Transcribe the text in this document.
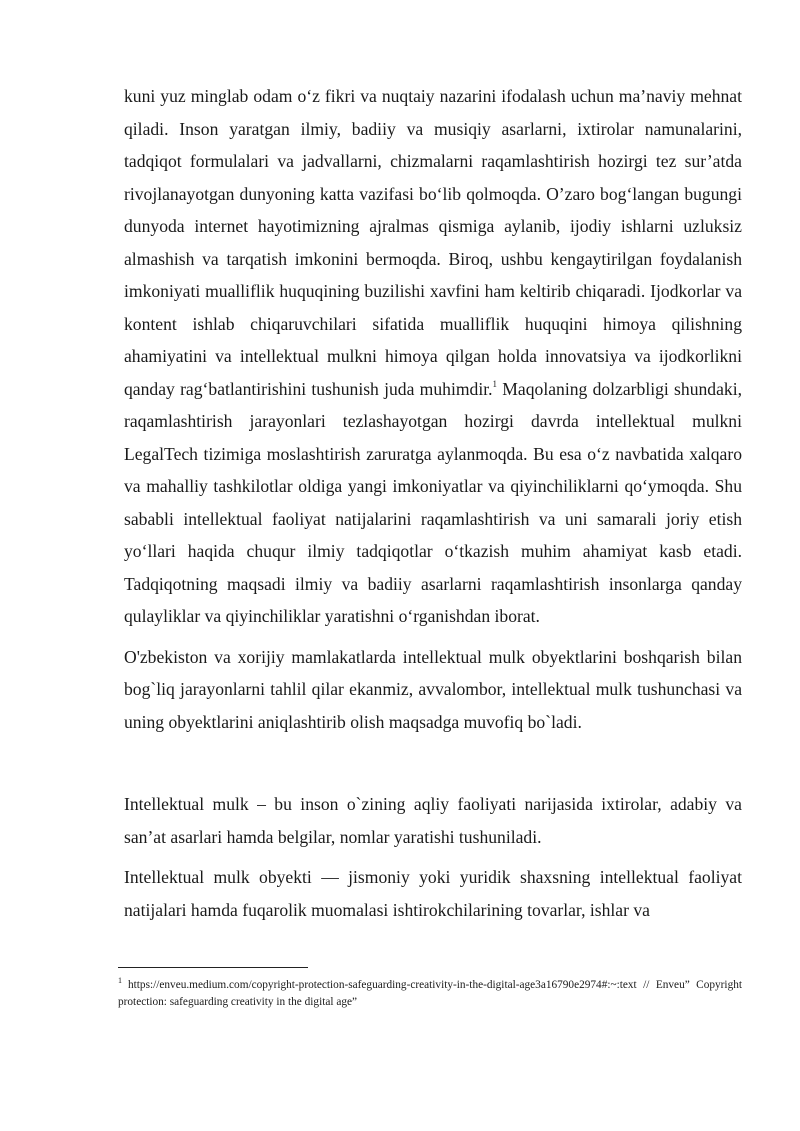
kuni yuz minglab odam o‘z fikri va nuqtaiy nazarini ifodalash uchun ma’naviy mehnat qiladi. Inson yaratgan ilmiy, badiiy va musiqiy asarlarni, ixtirolar namunalarini, tadqiqot formulalari va jadvallarni, chizmalarni raqamlashtirish hozirgi tez sur’atda rivojlanayotgan dunyoning katta vazifasi bo‘lib qolmoqda. O’zaro bog‘langan bugungi dunyoda internet hayotimizning ajralmas qismiga aylanib, ijodiy ishlarni uzluksiz almashish va tarqatish imkonini bermoqda. Biroq, ushbu kengaytirilgan foydalanish imkoniyati mualliflik huquqining buzilishi xavfini ham keltirib chiqaradi. Ijodkorlar va kontent ishlab chiqaruvchilari sifatida mualliflik huquqini himoya qilishning ahamiyatini va intellektual mulkni himoya qilgan holda innovatsiya va ijodkorlikni qanday rag‘batlantirishini tushunish juda muhimdir.$^1$ Maqolaning dolzarbligi shundaki, raqamlashtirish jarayonlari tezlashayotgan hozirgi davrda intellektual mulkni LegalTech tizimiga moslashtirish zaruratga aylanmoqda. Bu esa o‘z navbatida xalqaro va mahalliy tashkilotlar oldiga yangi imkoniyatlar va qiyinchiliklarni qo‘ymoqda. Shu sababli intellektual faoliyat natijalarini raqamlashtirish va uni samarali joriy etish yo‘llari haqida chuqur ilmiy tadqiqotlar o‘tkazish muhim ahamiyat kasb etadi. Tadqiqotning maqsadi ilmiy va badiiy asarlarni raqamlashtirish insonlarga qanday qulayliklar va qiyinchiliklar yaratishni o‘rganishdan iborat.

O'zbekiston va xorijiy mamlakatlarda intellektual mulk obyektlarini boshqarish bilan bog`liq jarayonlarni tahlil qilar ekanmiz, avvalombor, intellektual mulk tushunchasi va uning obyektlarini aniqlashtirib olish maqsadga muvofiq bo`ladi.

Intellektual mulk – bu inson o`zining aqliy faoliyati narijasida ixtirolar, adabiy va san’at asarlari hamda belgilar, nomlar yaratishi tushuniladi.

Intellektual mulk obyekti — jismoniy yoki yuridik shaxsning intellektual faoliyat natijalari hamda fuqarolik muomalasi ishtirokchilarining tovarlar, ishlar va

$^1$ https://enveu.medium.com/copyright-protection-safeguarding-creativity-in-the-digital-age3a16790e2974#:~:text // Enveu” Copyright protection: safeguarding creativity in the digital age”
